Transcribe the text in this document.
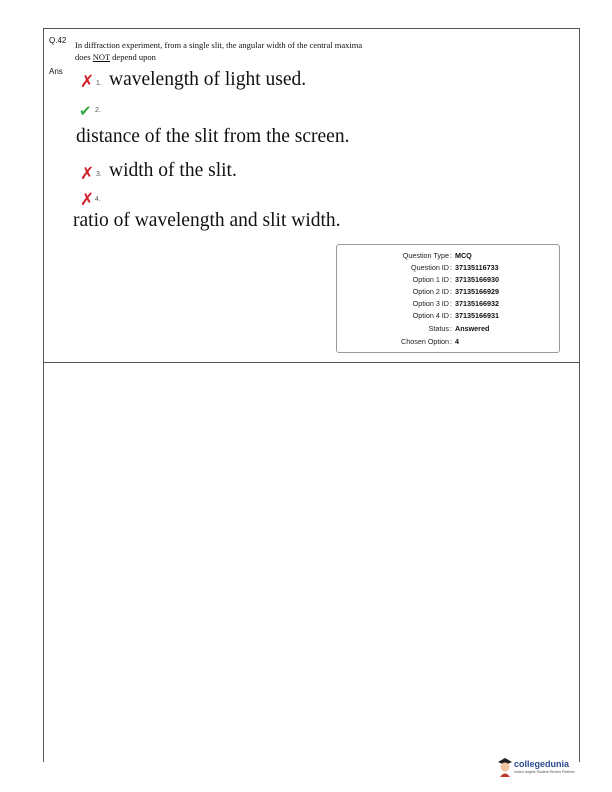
Q.42 In diffraction experiment, from a single slit, the angular width of the central maxima
does NOT depend upon
Ans
✗ 1. wavelength of light used.
✔ 2.
distance of the slit from the screen.
✗ 3. width of the slit.
✗ 4.
ratio of wavelength and slit width.
Question Type : MCQ
Question ID : 37135116733
Option 1 ID : 37135166930
Option 2 ID : 37135166929
Option 3 ID : 37135166932
Option 4 ID : 37135166931
Status : Answered
Chosen Option : 4
collegedunia
India's largest Student Review Platform
